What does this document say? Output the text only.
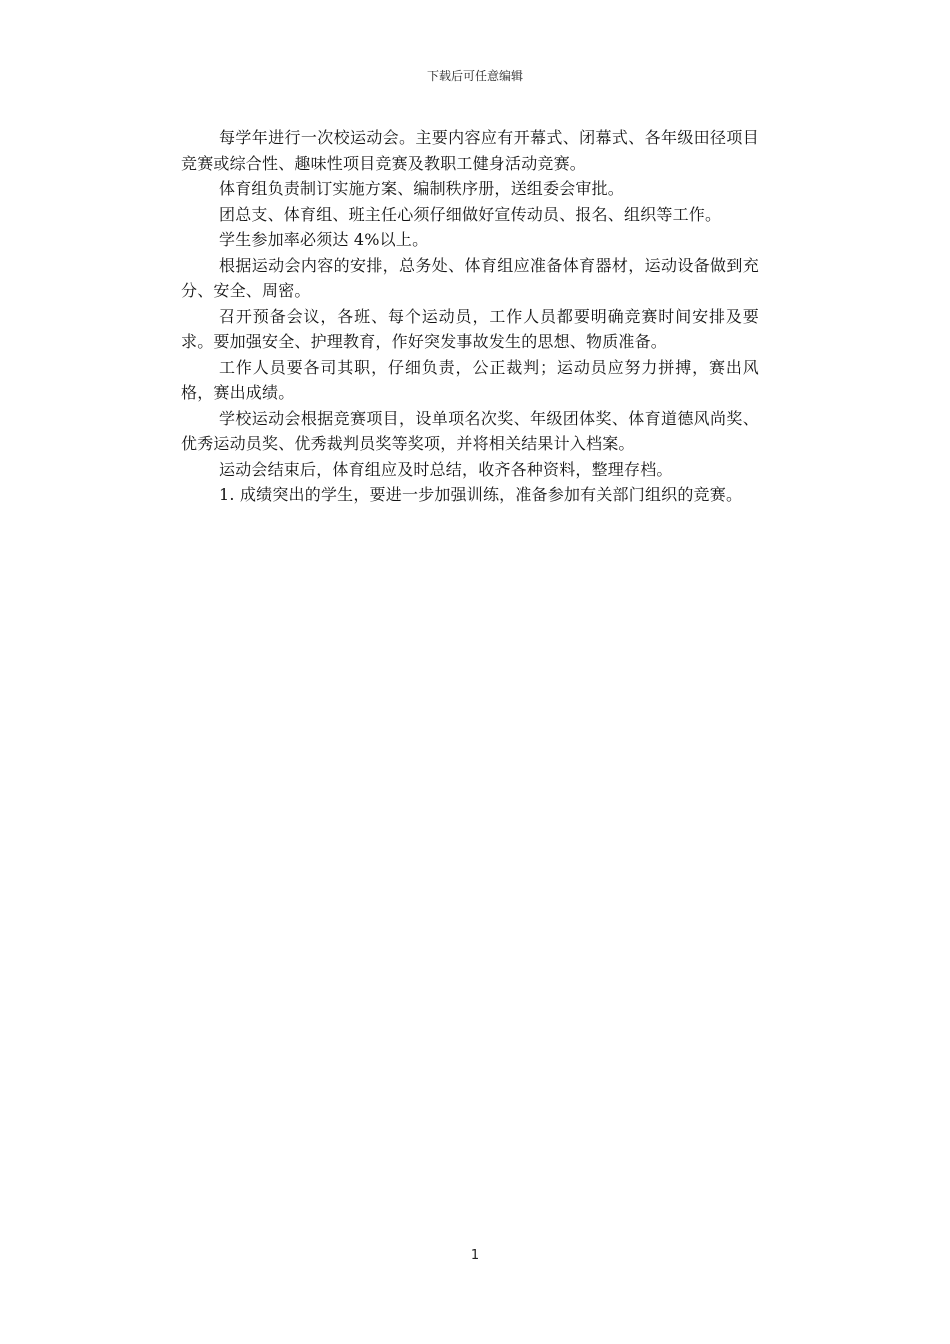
下载后可任意编辑

每学年进行一次校运动会。主要内容应有开幕式、闭幕式、各年级田径项目竞赛或综合性、趣味性项目竞赛及教职工健身活动竞赛。

体育组负责制订实施方案、编制秩序册，送组委会审批。

团总支、体育组、班主任心须仔细做好宣传动员、报名、组织等工作。

学生参加率必须达 4%以上。

根据运动会内容的安排，总务处、体育组应准备体育器材，运动设备做到充分、安全、周密。

召开预备会议，各班、每个运动员，工作人员都要明确竞赛时间安排及要求。要加强安全、护理教育，作好突发事故发生的思想、物质准备。

工作人员要各司其职，仔细负责，公正裁判；运动员应努力拼搏，赛出风格，赛出成绩。

学校运动会根据竞赛项目，设单项名次奖、年级团体奖、体育道德风尚奖、优秀运动员奖、优秀裁判员奖等奖项，并将相关结果计入档案。

运动会结束后，体育组应及时总结，收齐各种资料，整理存档。

1. 成绩突出的学生，要进一步加强训练，准备参加有关部门组织的竞赛。

1
